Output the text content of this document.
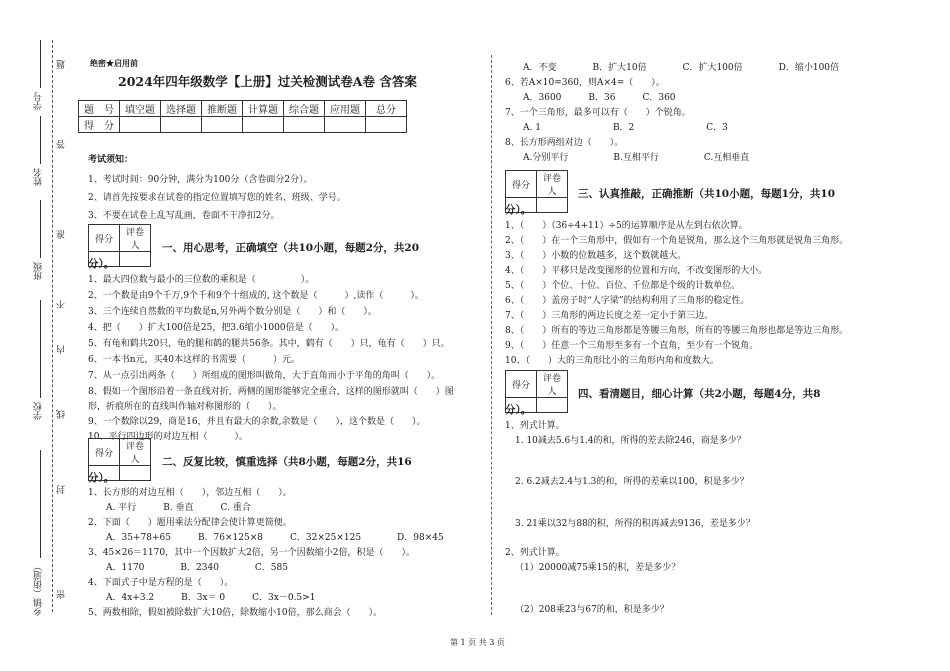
学号
姓名
班级
学校
乡镇（街道）
题
答
准
不
内
线
封
密
绝密★启用前
2024年四年级数学【上册】过关检测试卷A卷 含答案
题　号	填空题	选择题	推断题	计算题	综合题	应用题	总分
得　分							
考试须知：
1、考试时间：90分钟，满分为100分（含卷面分2分）。
2、请首先按要求在试卷的指定位置填写您的姓名、班级、学号。
3、不要在试卷上乱写乱画，卷面不干净扣2分。
得分	评卷人
	一、用心思考，正确填空（共10小题，每题2分，共20
分）。
1、最大四位数与最小的三位数的乘积是（　　　　　）。
2、一个数是由9个千万,9个千和9个十组成的, 这个数是（　　　）,读作（　　　）。
3、三个连续自然数的平均数是n,另外两个数分别是（　　）和（　　）。
4、把（　　）扩大100倍是25，把3.6缩小1000倍是（　　）。
5、有龟和鹤共20只，龟的腿和鹤的腿共56条。其中，鹤有（　　）只，龟有（　　）只。
6、一本书n元，买40本这样的书需要（　　　）元。
7、从一点引出两条（　　）所组成的图形叫做角，大于直角而小于平角的角叫（　　）。
8、假如一个图形沿着一条直线对折，两侧的图形能够完全重合，这样的图形就叫（　　）图
形，折痕所在的直线叫作轴对称图形的（　　）。
9、一个数除以29，商是16，并且有最大的余数,余数是（　　），这个数是（　　）。
10、平行四边形的对边互相（　　　）。
得分	评卷人
	二、反复比较，慎重选择（共8小题，每题2分，共16
分）。
1、长方形的对边互相（　　），邻边互相（　　）。
　　A. 平行　　　B. 垂直　　　C. 重合
2、下面（　　）题用乘法分配律会使计算更简便。
　　A．35+78+65　　　B．76×125×8　　　C．32×25×125　　　　D．98×45
3、45×26＝1170，其中一个因数扩大2倍，另一个因数缩小2倍，积是（　　）。
　　A．1170　　　　B．2340　　　　C．585
4、下面式子中是方程的是（　　）。
　　A．4x+3.2　　　B．3x＝ 0　　　C．3x－0.5>1
5、两数相除，假如被除数扩大10倍，除数缩小10倍，那么商会（　　）。
　　A．不变　　　　B．扩大10倍　　　　C．扩大100倍　　　　D．缩小100倍
6、若A×10=360，则A×4=（　　）。
　　A．3600　　　B．36　　　C．360
7、一个三角形，最多可以有（　　）个锐角。
　　A. 1　　　　　　　　B．2　　　　　　　　C．3
8、长方形两组对边（　　）。
　　A.分别平行　　　　　B.互相平行　　　　　C.互相垂直
得分	评卷人
	三、认真推敲，正确推断（共10小题，每题1分，共10
分）。
1、（　　）（36÷4+11）÷5的运算顺序是从左到右依次算。
2、（　　）在一个三角形中，假如有一个角是锐角，那么这个三角形就是锐角三角形。
3、（　　）小数的位数越多，这个数就越大。
4、（　　）平移只是改变图形的位置和方向，不改变图形的大小。
5、（　　）个位、十位、百位、千位都是个级的计数单位。
6、（　　）盖房子时“人字梁”的结构利用了三角形的稳定性。
7、（　　）三角形的两边长度之差一定小于第三边。
8、（　　）所有的等边三角形都是等腰三角形，所有的等腰三角形也都是等边三角形。
9、（　　）任意一个三角形至多有一个直角，至少有一个锐角。
10、（　　）大的三角形比小的三角形内角和度数大。
得分	评卷人
	四、看清题目，细心计算（共2小题，每题4分，共8
分）。
1、列式计算。
1. 10减去5.6与1.4的和，所得的差去除246，商是多少？
2. 6.2减去2.4与1.3的和，所得的差乘以100，积是多少？
3. 21乘以32与88的积，所得的积再减去9136，差是多少？
2、列式计算。
（1）20000减75乘15的积，差是多少？
（2）208乘23与67的和，积是多少？
第 1 页 共 3 页
